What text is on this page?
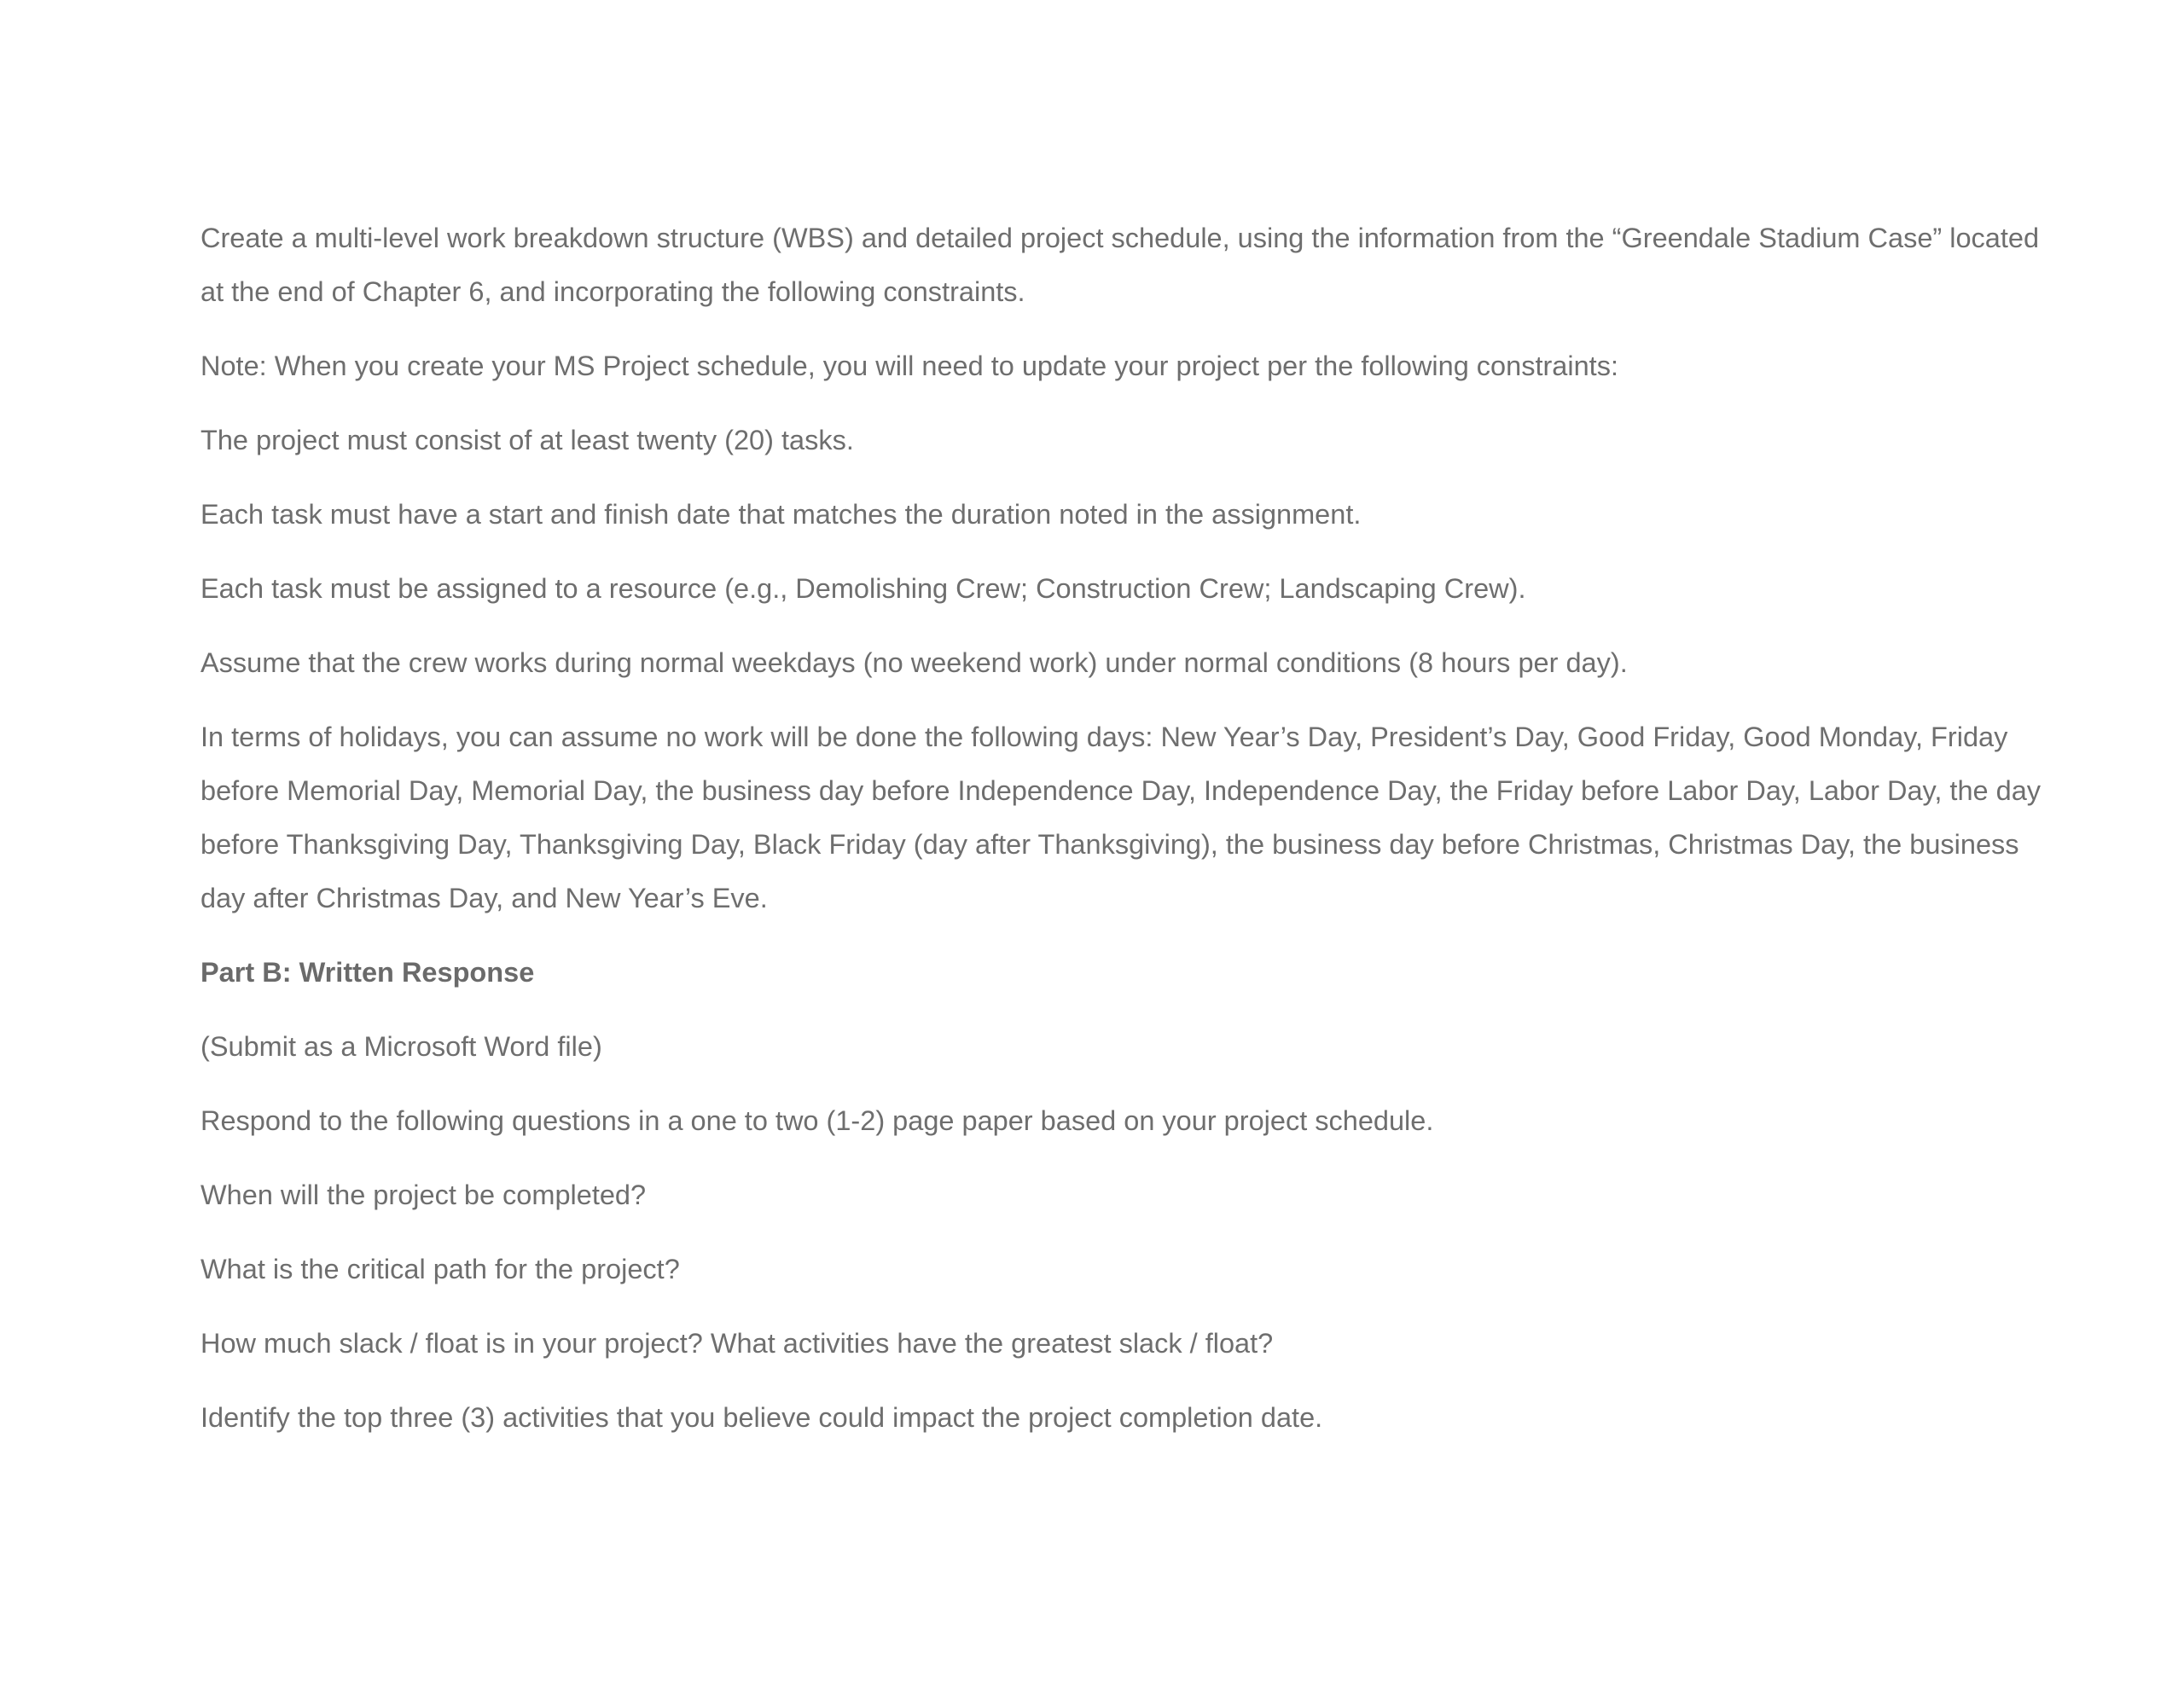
Create a multi-level work breakdown structure (WBS) and detailed project schedule, using the information from the “Greendale Stadium Case” located at the end of Chapter 6, and incorporating the following constraints.

Note: When you create your MS Project schedule, you will need to update your project per the following constraints:

The project must consist of at least twenty (20) tasks.

Each task must have a start and finish date that matches the duration noted in the assignment.

Each task must be assigned to a resource (e.g., Demolishing Crew; Construction Crew; Landscaping Crew).

Assume that the crew works during normal weekdays (no weekend work) under normal conditions (8 hours per day).

In terms of holidays, you can assume no work will be done the following days: New Year’s Day, President’s Day, Good Friday, Good Monday, Friday before Memorial Day, Memorial Day, the business day before Independence Day, Independence Day, the Friday before Labor Day, Labor Day, the day before Thanksgiving Day, Thanksgiving Day, Black Friday (day after Thanksgiving), the business day before Christmas, Christmas Day, the business day after Christmas Day, and New Year’s Eve.

Part B: Written Response

(Submit as a Microsoft Word file)

Respond to the following questions in a one to two (1-2) page paper based on your project schedule.

When will the project be completed?

What is the critical path for the project?

How much slack / float is in your project? What activities have the greatest slack / float?

Identify the top three (3) activities that you believe could impact the project completion date.
